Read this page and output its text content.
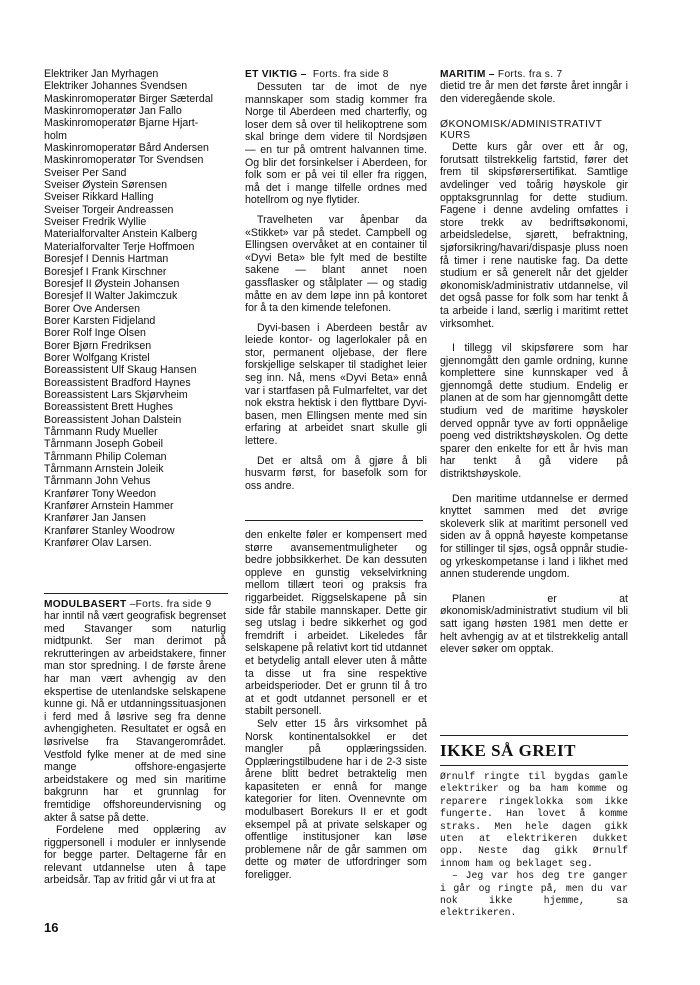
Elektriker Jan Myrhagen
Elektriker Johannes Svendsen
Maskinromoperatør Birger Sæterdal
Maskinromoperatør Jan Fallo
Maskinromoperatør Bjarne Hjart-
holm
Maskinromoperatør Bård Andersen
Maskinromoperatør Tor Svendsen
Sveiser Per Sand
Sveiser Øystein Sørensen
Sveiser Rikkard Halling
Sveiser Torgeir Andreassen
Sveiser Fredrik Wyllie
Materialforvalter Anstein Kalberg
Materialforvalter Terje Hoffmoen
Boresjef I Dennis Hartman
Boresjef I Frank Kirschner
Boresjef II Øystein Johansen
Boresjef II Walter Jakimczuk
Borer Ove Andersen
Borer Karsten Fidjeland
Borer Rolf Inge Olsen
Borer Bjørn Fredriksen
Borer Wolfgang Kristel
Boreassistent Ulf Skaug Hansen
Boreassistent Bradford Haynes
Boreassistent Lars Skjørvheim
Boreassistent Brett Hughes
Boreassistent Johan Dalstein
Tårnmann Rudy Mueller
Tårnmann Joseph Gobeil
Tårnmann Philip Coleman
Tårnmann Arnstein Joleik
Tårnmann John Vehus
Kranfører Tony Weedon
Kranfører Arnstein Hammer
Kranfører Jan Jansen
Kranfører Stanley Woodrow
Kranfører Olav Larsen.
MODULBASERT –Forts. fra side 9

har inntil nå vært geografisk begrenset med Stavanger som naturlig midtpunkt. Ser man derimot på rekrutteringen av arbeidstakere, finner man stor spredning. I de første årene har man vært avhengig av den ekspertise de utenlandske selskapene kunne gi. Nå er utdanningssituasjonen i ferd med å løsrive seg fra denne avhengigheten. Resultatet er også en løsrivelse fra Stavangerområdet. Vestfold fylke mener at de med sine mange offshore-engasjerte arbeidstakere og med sin maritime bakgrunn har et grunnlag for fremtidige offshoreundervisning og akter å satse på dette.

Fordelene med opplæring av riggpersonell i moduler er innlysende for begge parter. Deltagerne får en relevant utdannelse uten å tape arbeidsår. Tap av fritid går vi ut fra at

ET VIKTIG – Forts. fra side 8

Dessuten tar de imot de nye mannskaper som stadig kommer fra Norge til Aberdeen med charterfly, og loser dem så over til helikoptrene som skal bringe dem videre til Nordsjøen — en tur på omtrent halvannen time. Og blir det forsinkelser i Aberdeen, for folk som er på vei til eller fra riggen, må det i mange tilfelle ordnes med hotellrom og nye flytider.

Travelheten var åpenbar da «Stikket» var på stedet. Campbell og Ellingsen overvåket at en container til «Dyvi Beta» ble fylt med de bestilte sakene — blant annet noen gassflasker og stålplater — og stadig måtte en av dem løpe inn på kontoret for å ta den kimende telefonen.

Dyvi-basen i Aberdeen består av leiede kontor- og lagerlokaler på en stor, permanent oljebase, der flere forskjellige selskaper til stadighet leier seg inn. Nå, mens «Dyvi Beta» ennå var i startfasen på Fulmarfeltet, var det nok ekstra hektisk i den flyttbare Dyvi-basen, men Ellingsen mente med sin erfaring at arbeidet snart skulle gli lettere.

Det er altså om å gjøre å bli husvarm først, for basefolk som for oss andre.

den enkelte føler er kompensert med større avansementmuligheter og bedre jobbsikkerhet. De kan dessuten oppleve en gunstig vekselvirkning mellom tillært teori og praksis fra riggarbeidet. Riggselskapene på sin side får stabile mannskaper. Dette gir seg utslag i bedre sikkerhet og god fremdrift i arbeidet. Likeledes får selskapene på relativt kort tid utdannet et betydelig antall elever uten å måtte ta disse ut fra sine respektive arbeidsperioder. Det er grunn til å tro at et godt utdannet personell er et stabilt personell.

Selv etter 15 års virksomhet på Norsk kontinentalsokkel er det mangler på opplæringssiden. Opplæringstilbudene har i de 2-3 siste årene blitt bedret betraktelig men kapasiteten er ennå for mange kategorier for liten. Ovennevnte om modulbasert Borekurs II er et godt eksempel på at private selskaper og offentlige institusjoner kan løse problemene når de går sammen om dette og møter de utfordringer som foreligger.

MARITIM – Forts. fra s. 7

dietid tre år men det første året inngår i den videregående skole.

ØKONOMISK/ADMINISTRATIVT KURS

Dette kurs går over ett år og, forutsatt tilstrekkelig fartstid, fører det frem til skipsførersertifikat. Samtlige avdelinger ved toårig høyskole gir opptaksgrunnlag for dette studium. Fagene i denne avdeling omfattes i store trekk av bedriftsøkonomi, arbeidsledelse, sjørett, befraktning, sjøforsikring/havari/dispasje pluss noen få timer i rene nautiske fag. Da dette studium er så generelt når det gjelder økonomisk/administrativ utdannelse, vil det også passe for folk som har tenkt å ta arbeide i land, særlig i maritimt rettet virksomhet.

I tillegg vil skipsførere som har gjennomgått den gamle ordning, kunne komplettere sine kunnskaper ved å gjennomgå dette studium. Endelig er planen at de som har gjennomgått dette studium ved de maritime høyskoler derved oppnår tyve av forti oppnåelige poeng ved distriktshøyskolen. Og dette sparer den enkelte for ett år hvis man har tenkt å gå videre på distriktshøyskole.

Den maritime utdannelse er dermed knyttet sammen med det øvrige skoleverk slik at maritimt personell ved siden av å oppnå høyeste kompetanse for stillinger til sjøs, også oppnår studie- og yrkeskompetanse i land i likhet med annen studerende ungdom.

Planen er at økonomisk/administrativt studium vil bli satt igang høsten 1981 men dette er helt avhengig av at et tilstrekkelig antall elever søker om opptak.

IKKE SÅ GREIT

Ørnulf ringte til bygdas gamle elektriker og ba ham komme og reparere ringeklokka som ikke fungerte. Han lovet å komme straks. Men hele dagen gikk uten at elektrikeren dukket opp. Neste dag gikk Ørnulf innom ham og beklaget seg.

– Jeg var hos deg tre ganger i går og ringte på, men du var nok ikke hjemme, sa elektrikeren.

16
